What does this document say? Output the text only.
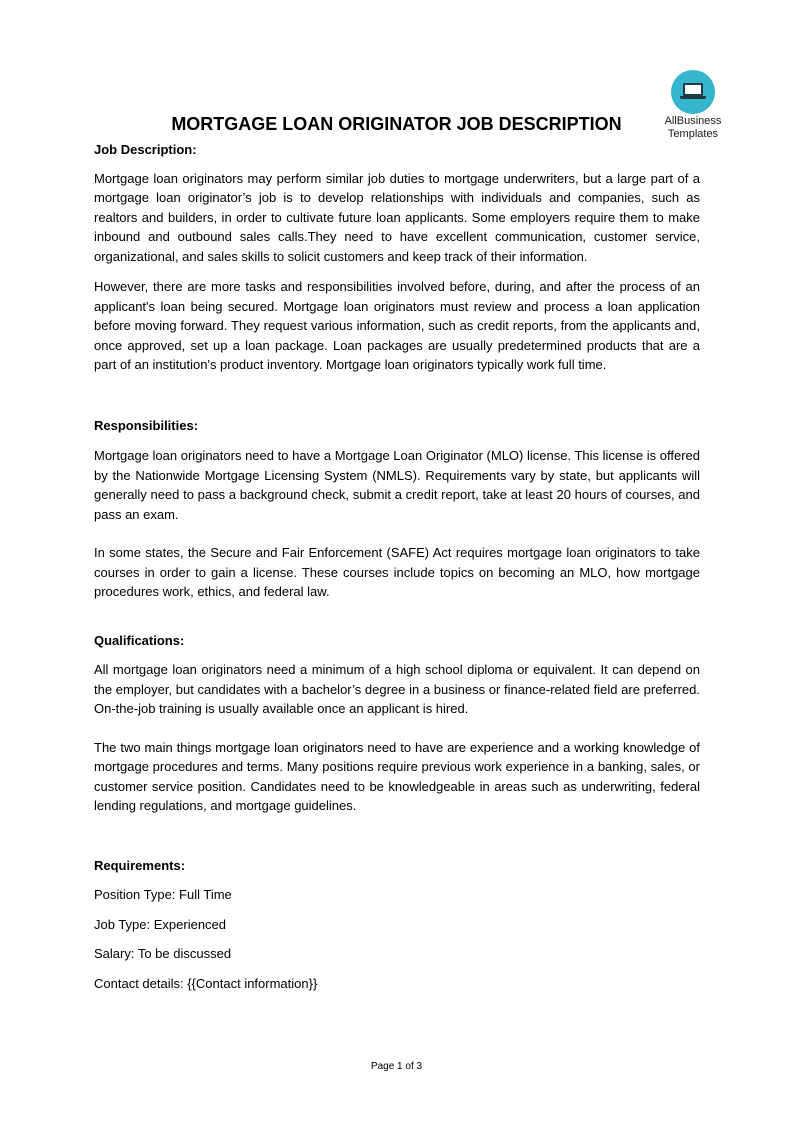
AllBusiness
Templates
MORTGAGE LOAN ORIGINATOR JOB DESCRIPTION

Job Description:

Mortgage loan originators may perform similar job duties to mortgage underwriters, but a large part of a mortgage loan originator’s job is to develop relationships with individuals and companies, such as realtors and builders, in order to cultivate future loan applicants. Some employers require them to make inbound and outbound sales calls.They need to have excellent communication, customer service, organizational, and sales skills to solicit customers and keep track of their information.

However, there are more tasks and responsibilities involved before, during, and after the process of an applicant's loan being secured. Mortgage loan originators must review and process a loan application before moving forward. They request various information, such as credit reports, from the applicants and, once approved, set up a loan package. Loan packages are usually predetermined products that are a part of an institution's product inventory. Mortgage loan originators typically work full time.

Responsibilities:

Mortgage loan originators need to have a Mortgage Loan Originator (MLO) license. This license is offered by the Nationwide Mortgage Licensing System (NMLS). Requirements vary by state, but applicants will generally need to pass a background check, submit a credit report, take at least 20 hours of courses, and pass an exam.

In some states, the Secure and Fair Enforcement (SAFE) Act requires mortgage loan originators to take courses in order to gain a license. These courses include topics on becoming an MLO, how mortgage procedures work, ethics, and federal law.

Qualifications:

All mortgage loan originators need a minimum of a high school diploma or equivalent. It can depend on the employer, but candidates with a bachelor’s degree in a business or finance-related field are preferred. On-the-job training is usually available once an applicant is hired.

The two main things mortgage loan originators need to have are experience and a working knowledge of mortgage procedures and terms. Many positions require previous work experience in a banking, sales, or customer service position. Candidates need to be knowledgeable in areas such as underwriting, federal lending regulations, and mortgage guidelines.

Requirements:

Position Type: Full Time

Job Type: Experienced

Salary: To be discussed

Contact details: {{Contact information}}

Page 1 of 3
